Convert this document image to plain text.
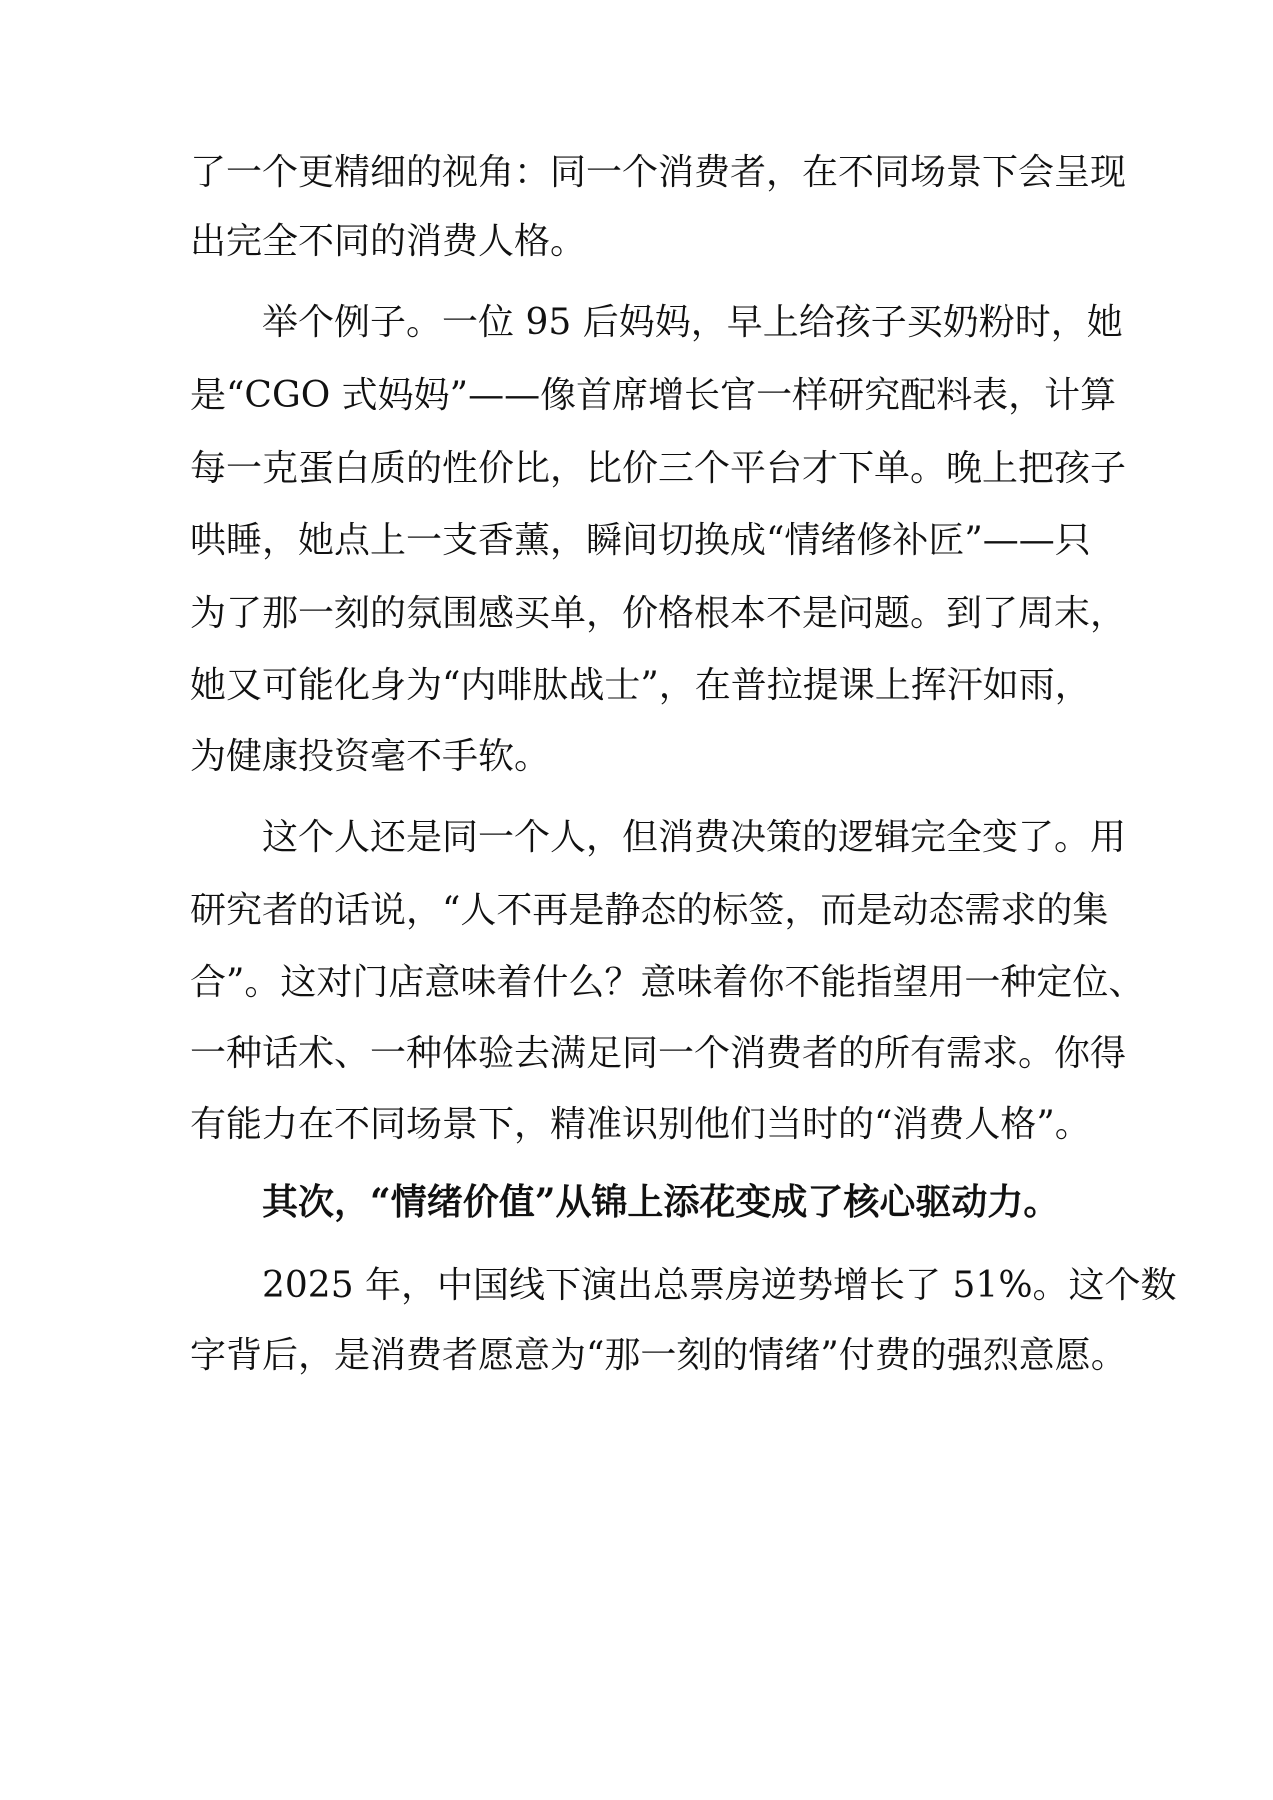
了一个更精细的视角：同一个消费者，在不同场景下会呈现
出完全不同的消费人格。
举个例子。一位 95 后妈妈，早上给孩子买奶粉时，她
是“CGO 式妈妈”——像首席增长官一样研究配料表，计算
每一克蛋白质的性价比，比价三个平台才下单。晚上把孩子
哄睡，她点上一支香薰，瞬间切换成“情绪修补匠”——只
为了那一刻的氛围感买单，价格根本不是问题。到了周末，
她又可能化身为“内啡肽战士”，在普拉提课上挥汗如雨，
为健康投资毫不手软。
这个人还是同一个人，但消费决策的逻辑完全变了。用
研究者的话说，“人不再是静态的标签，而是动态需求的集
合”。这对门店意味着什么？意味着你不能指望用一种定位、
一种话术、一种体验去满足同一个消费者的所有需求。你得
有能力在不同场景下，精准识别他们当时的“消费人格”。
其次，“情绪价值”从锦上添花变成了核心驱动力。
2025 年，中国线下演出总票房逆势增长了 51%。这个数
字背后，是消费者愿意为“那一刻的情绪”付费的强烈意愿。
